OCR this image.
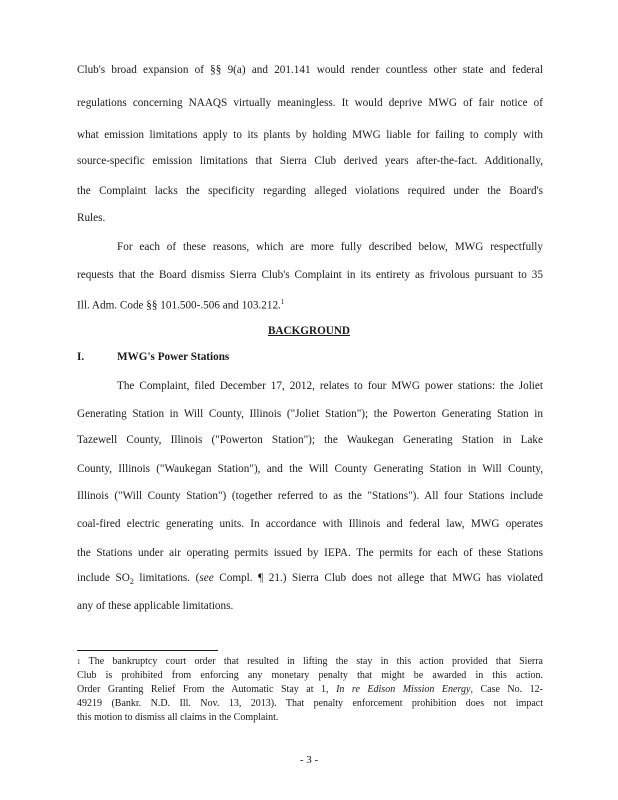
Club's broad expansion of §§ 9(a) and 201.141 would render countless other state and federal
regulations concerning NAAQS virtually meaningless. It would deprive MWG of fair notice of
what emission limitations apply to its plants by holding MWG liable for failing to comply with
source-specific emission limitations that Sierra Club derived years after-the-fact. Additionally,
the Complaint lacks the specificity regarding alleged violations required under the Board's
Rules.
For each of these reasons, which are more fully described below, MWG respectfully
requests that the Board dismiss Sierra Club's Complaint in its entirety as frivolous pursuant to 35
Ill. Adm. Code §§ 101.500-.506 and 103.212.$^1$
BACKGROUND
I.	MWG's Power Stations
The Complaint, filed December 17, 2012, relates to four MWG power stations: the Joliet
Generating Station in Will County, Illinois ("Joliet Station"); the Powerton Generating Station in
Tazewell County, Illinois ("Powerton Station"); the Waukegan Generating Station in Lake
County, Illinois ("Waukegan Station"), and the Will County Generating Station in Will County,
Illinois ("Will County Station") (together referred to as the "Stations"). All four Stations include
coal-fired electric generating units. In accordance with Illinois and federal law, MWG operates
the Stations under air operating permits issued by IEPA. The permits for each of these Stations
include $SO_2$ limitations. (see Compl. ¶ 21.) Sierra Club does not allege that MWG has violated
any of these applicable limitations.
$^1$ The bankruptcy court order that resulted in lifting the stay in this action provided that Sierra
Club is prohibited from enforcing any monetary penalty that might be awarded in this action.
Order Granting Relief From the Automatic Stay at 1, In re Edison Mission Energy, Case No. 12-
49219 (Bankr. N.D. Ill. Nov. 13, 2013). That penalty enforcement prohibition does not impact
this motion to dismiss all claims in the Complaint.
- 3 -
